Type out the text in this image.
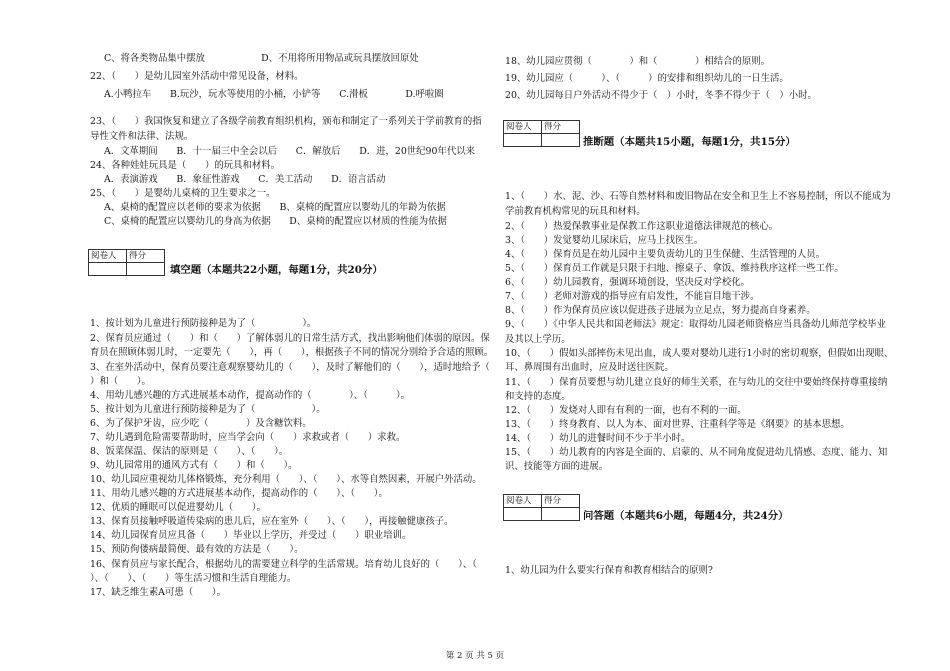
C、将各类物品集中摆放　　　　　　D、不用将所用物品或玩具摆放回原处
22、（　　）是幼儿园室外活动中常见设备，材料。
A.小鸭拉车　　B.玩沙，玩水等使用的小桶，小铲等　　C.滑板　　　　D.呼啦圈
23、（　　）我国恢复和建立了各级学前教育组织机构，颁布和制定了一系列关于学前教育的指
导性文件和法律、法规。
A．文革期间　　B．十一届三中全会以后　　C．解放后　　D．进，20世纪90年代以来
24、各种娃娃玩具是（　　）的玩具和材料。
A．表演游戏　　B．象征性游戏　　C．美工活动　　D．语言活动
25、（　　）是婴幼儿桌椅的卫生要求之一。
A、桌椅的配置应以老师的要求为依据　　B、桌椅的配置应以婴幼儿的年龄为依据
C、桌椅的配置应以婴幼儿的身高为依据　　D、桌椅的配置应以材质的性能为依据
阅卷人	得分

填空题（本题共22小题，每题1分，共20分）
1、按计划为儿童进行预防接种是为了（　　　　　）。
2、保育员应通过（　　）和（　　）了解体弱儿的日常生活方式，找出影响他们体弱的原因。保
育员在照顾体弱儿时，一定要先（　　），再（　　），根据孩子不同的情况分别给予合适的照顾。
3、在室外活动中，保育员要注意观察婴幼儿的（　　），及时了解他们的（　　），适时地给予（
）和（　　）。
4、用幼儿感兴趣的方式进展基本动作，提高动作的（　　　　）、（　　　）。
5、按计划为儿童进行预防接种是为了（　　　　　　）。
6、为了保护牙齿，应少吃（　　　　）及含糖饮料。
7、幼儿遇到危险需要帮助时，应当学会向（　　）求救或者（　　）求救。
8、饭菜保温、保洁的原则是（　　）、（　　）。
9、幼儿园常用的通风方式有（　　）和（　　）。
10、幼儿园应重视幼儿体格锻炼，充分利用（　　）、（　　）、水等自然因素，开展户外活动。
11、用幼儿感兴趣的方式进展基本动作，提高动作的（　　）、（　　）。
12、优质的睡眠可以促进婴幼儿（　　）。
13、保育员接触呼吸道传染病的患儿后，应在室外（　　）、（　　），再接触健康孩子。
14、幼儿园保育员应具备（　　）毕业以上学历，并受过（　　）职业培训。
15、预防佝偻病最简便、最有效的方法是（　　）。
16、保育员应与家长配合，根据幼儿的需要建立科学的生活常规。培育幼儿良好的（　　）、（
）、（　　）、（　　）等生活习惯和生活自理能力。
17、缺乏维生素A可患（　　）。
18、幼儿园应贯彻（　　　　）和（　　　　）相结合的原则。
19、幼儿园应（　　　）、（　　　）的安排和组织幼儿的一日生活。
20、幼儿园每日户外活动不得少于（　）小时，冬季不得少于（　）小时。
阅卷人	得分

推断题（本题共15小题，每题1分，共15分）
1、（　　）水、泥、沙、石等自然材料和废旧物品在安全和卫生上不容易控制，所以不能成为
学前教育机构常见的玩具和材料。
2、（　　）热爱保教事业是保教工作这职业道德法律规范的核心。
3、（　　）发觉婴幼儿尿床后，应马上找医生。
4、（　　）保育员是在幼儿园中主要负责幼儿的卫生保健、生活管理的人员。
5、（　　）保育员工作就是只限于扫地、擦桌子、拿饭、维持秩序这样一些工作。
6、（　　）幼儿园教育，强调环境创设，坚决反对学校化。
7、（　　）老师对游戏的指导应有启发性，不能盲目地干涉。
8、（　　）作为保育员应该以促进孩子进展为立足点，努力提高自身素养。
9、（　　）《中华人民共和国老师法》规定：取得幼儿园老师资格应当具备幼儿师范学校毕业
及其以上学历。
10、（　　）假如头部摔伤未见出血，成人要对婴幼儿进行1小时的密切观察，但假如出现眼、
耳、鼻周围有出血时，应及时送往医院。
11、（　　）保育员要想与幼儿建立良好的师生关系，在与幼儿的交往中要始终保持尊重接纳
和支持的态度。
12、（　　）发烧对人即有有利的一面，也有不利的一面。
13、（　　）终身教育、以人为本、面对世界、注重科学等是《纲要》的基本思想。
14、（　　）幼儿的进餐时间不少于半小时。
15、（　　）幼儿教育的内容是全面的、启蒙的、从不同角度促进幼儿情感、态度、能力、知
识、技能等方面的进展。
阅卷人	得分

问答题（本题共6小题，每题4分，共24分）
1、幼儿园为什么要实行保育和教育相结合的原则?
第 2 页 共 5 页
